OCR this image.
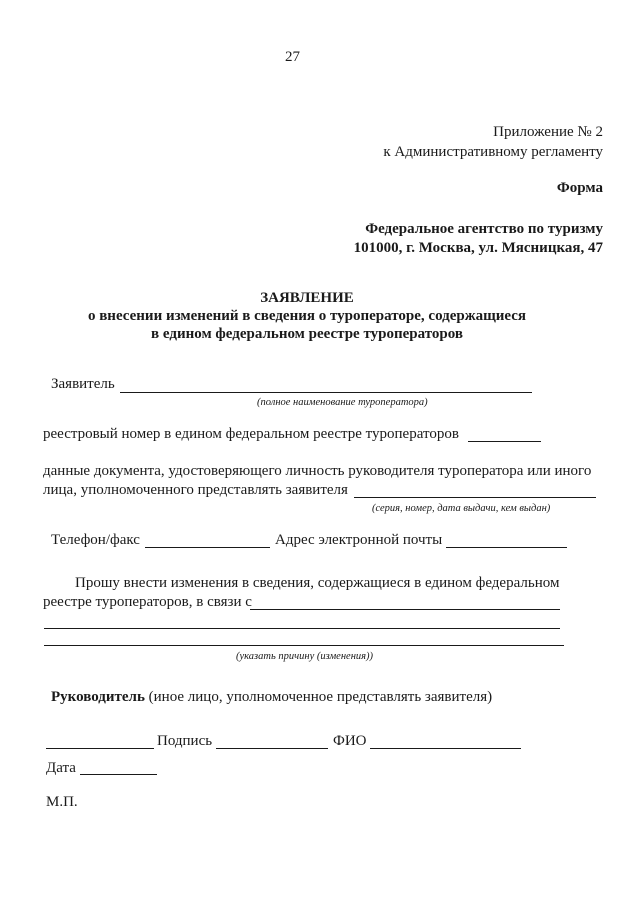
27
Приложение № 2
к Административному регламенту
Форма
Федеральное агентство по туризму
101000, г. Москва, ул. Мясницкая, 47
ЗАЯВЛЕНИЕ
о внесении изменений в сведения о туроператоре, содержащиеся
в едином федеральном реестре туроператоров
Заявитель
(полное наименование туроператора)
реестровый номер в едином федеральном реестре туроператоров
данные документа, удостоверяющего личность руководителя туроператора или иного
лица, уполномоченного представлять заявителя
(серия, номер, дата выдачи, кем выдан)
Телефон/факс	Адрес электронной почты
Прошу внести изменения в сведения, содержащиеся в едином федеральном
реестре туроператоров, в связи с
(указать причину (изменения))
Руководитель (иное лицо, уполномоченное представлять заявителя)
Подпись	ФИО
Дата
М.П.
